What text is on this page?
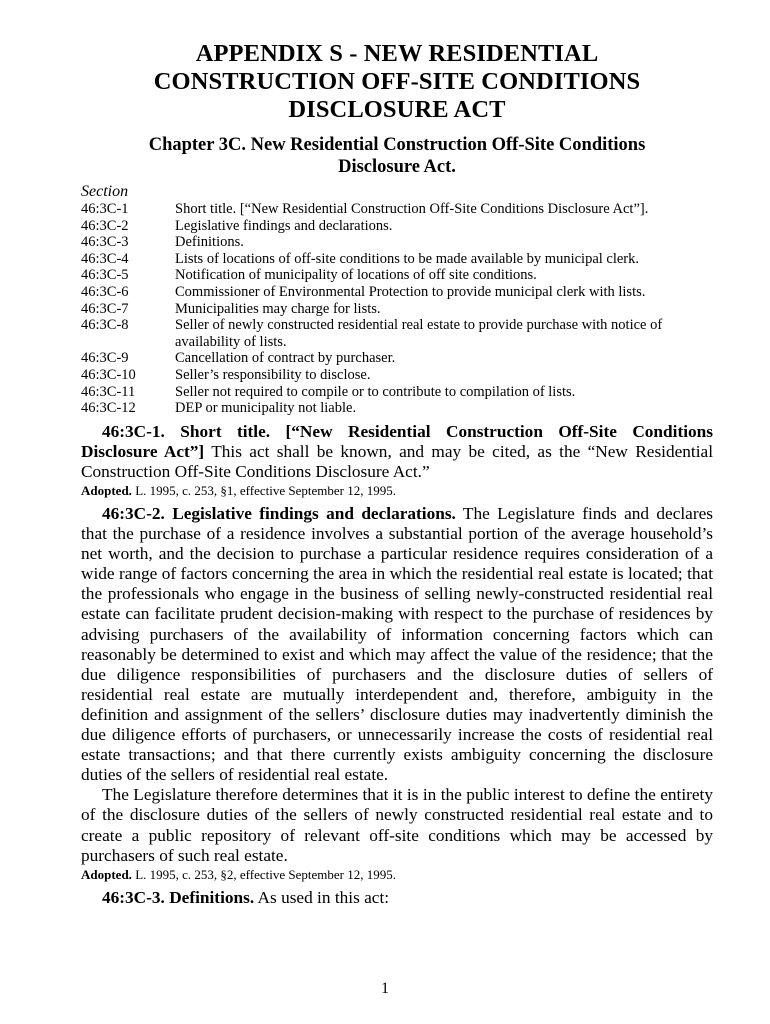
APPENDIX S - NEW RESIDENTIAL
CONSTRUCTION OFF-SITE CONDITIONS
DISCLOSURE ACT
Chapter 3C. New Residential Construction Off-Site Conditions
Disclosure Act.
Section
46:3C-1	Short title. [“New Residential Construction Off-Site Conditions Disclosure Act”].
46:3C-2	Legislative findings and declarations.
46:3C-3	Definitions.
46:3C-4	Lists of locations of off-site conditions to be made available by municipal clerk.
46:3C-5	Notification of municipality of locations of off site conditions.
46:3C-6	Commissioner of Environmental Protection to provide municipal clerk with lists.
46:3C-7	Municipalities may charge for lists.
46:3C-8	Seller of newly constructed residential real estate to provide purchase with notice of availability of lists.
46:3C-9	Cancellation of contract by purchaser.
46:3C-10	Seller’s responsibility to disclose.
46:3C-11	Seller not required to compile or to contribute to compilation of lists.
46:3C-12	DEP or municipality not liable.

46:3C-1. Short title. [“New Residential Construction Off-Site Conditions Disclosure Act”] This act shall be known, and may be cited, as the “New Residential Construction Off-Site Conditions Disclosure Act.”

Adopted. L. 1995, c. 253, §1, effective September 12, 1995.

46:3C-2. Legislative findings and declarations. The Legislature finds and declares that the purchase of a residence involves a substantial portion of the average household’s net worth, and the decision to purchase a particular residence requires consideration of a wide range of factors concerning the area in which the residential real estate is located; that the professionals who engage in the business of selling newly-constructed residential real estate can facilitate prudent decision-making with respect to the purchase of residences by advising purchasers of the availability of information concerning factors which can reasonably be determined to exist and which may affect the value of the residence; that the due diligence responsibilities of purchasers and the disclosure duties of sellers of residential real estate are mutually interdependent and, therefore, ambiguity in the definition and assignment of the sellers’ disclosure duties may inadvertently diminish the due diligence efforts of purchasers, or unnecessarily increase the costs of residential real estate transactions; and that there currently exists ambiguity concerning the disclosure duties of the sellers of residential real estate.

The Legislature therefore determines that it is in the public interest to define the entirety of the disclosure duties of the sellers of newly constructed residential real estate and to create a public repository of relevant off-site conditions which may be accessed by purchasers of such real estate.

Adopted. L. 1995, c. 253, §2, effective September 12, 1995.

46:3C-3. Definitions. As used in this act:

1
